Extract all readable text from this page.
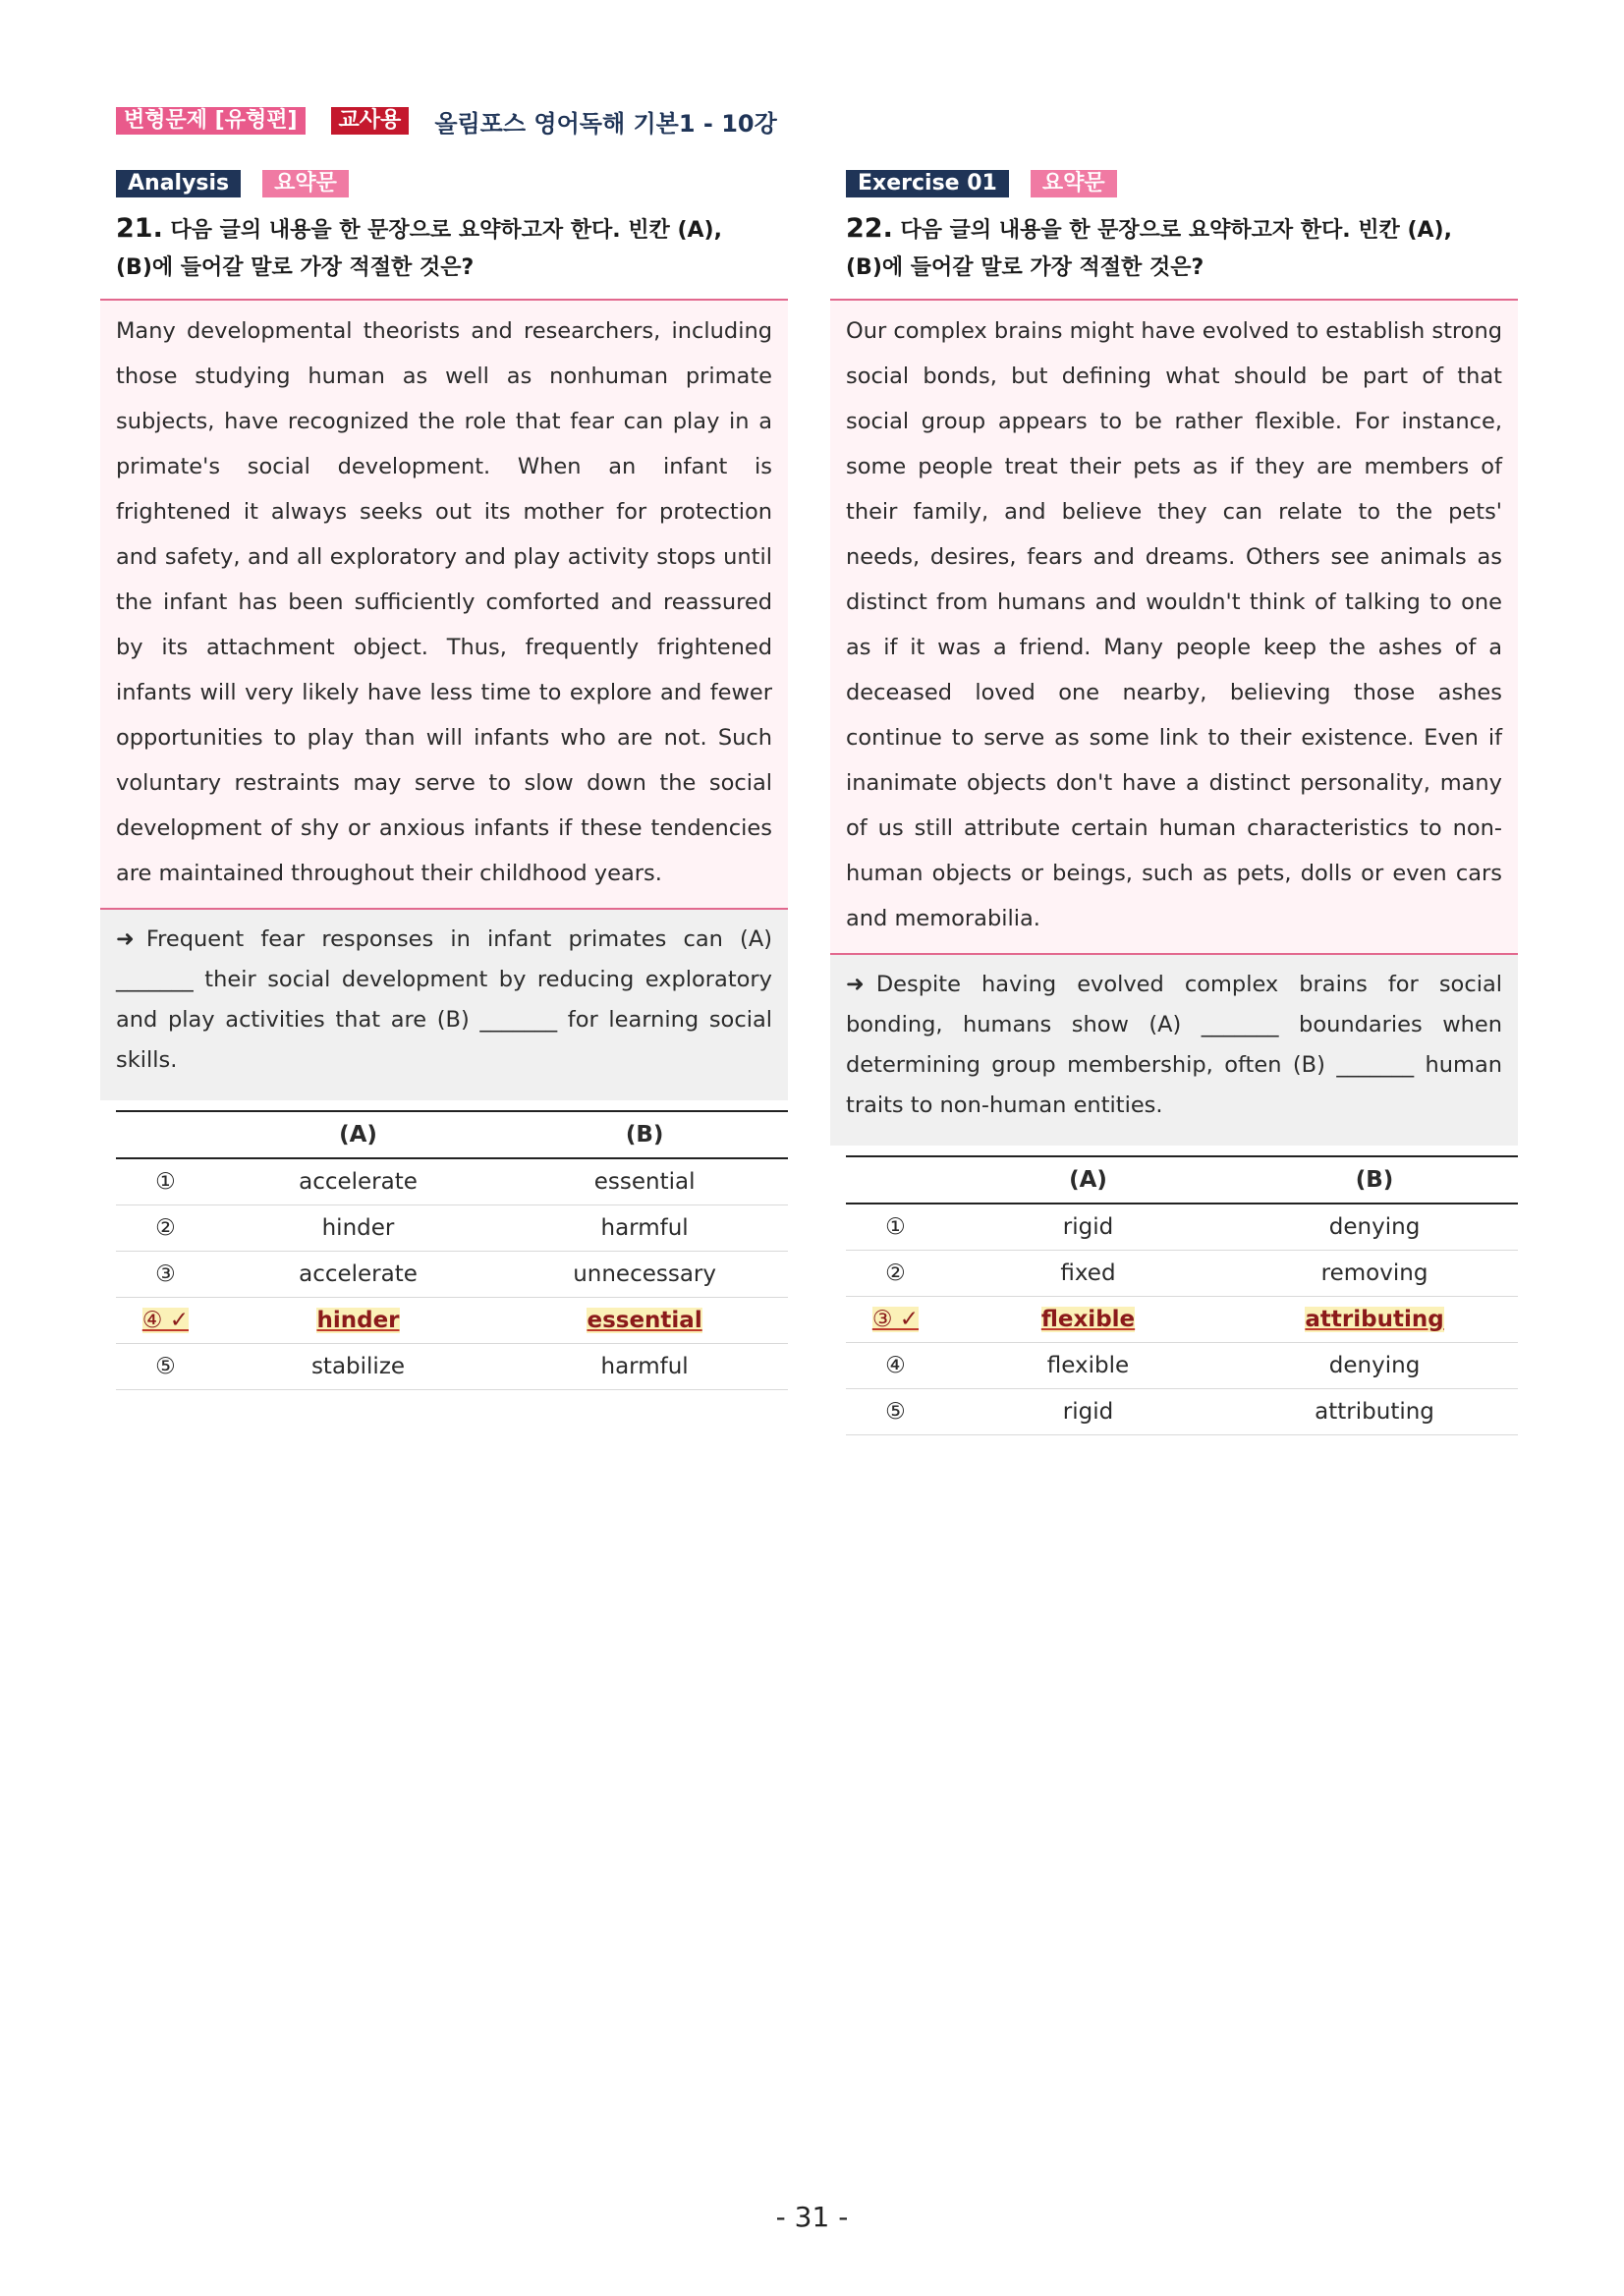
변형문제 [유형편]	교사용	올림포스 영어독해 기본1 - 10강
Analysis	요약문
21. 다음 글의 내용을 한 문장으로 요약하고자 한다. 빈칸 (A),
(B)에 들어갈 말로 가장 적절한 것은?
Many developmental theorists and researchers, including those studying human as well as nonhuman primate subjects, have recognized the role that fear can play in a primate's social development. When an infant is frightened it always seeks out its mother for protection and safety, and all exploratory and play activity stops until the infant has been sufficiently comforted and reassured by its attachment object. Thus, frequently frightened infants will very likely have less time to explore and fewer opportunities to play than will infants who are not. Such voluntary restraints may serve to slow down the social development of shy or anxious infants if these tendencies are maintained throughout their childhood years.
➜ Frequent fear responses in infant primates can (A) _______ their social development by reducing exploratory and play activities that are (B) _______ for learning social skills.
	(A)	(B)
①	accelerate	essential
②	hinder	harmful
③	accelerate	unnecessary
④ ✓	hinder	essential
⑤	stabilize	harmful
Exercise 01	요약문
22. 다음 글의 내용을 한 문장으로 요약하고자 한다. 빈칸 (A),
(B)에 들어갈 말로 가장 적절한 것은?
Our complex brains might have evolved to establish strong social bonds, but defining what should be part of that social group appears to be rather flexible. For instance, some people treat their pets as if they are members of their family, and believe they can relate to the pets' needs, desires, fears and dreams. Others see animals as distinct from humans and wouldn't think of talking to one as if it was a friend. Many people keep the ashes of a deceased loved one nearby, believing those ashes continue to serve as some link to their existence. Even if inanimate objects don't have a distinct personality, many of us still attribute certain human characteristics to non-human objects or beings, such as pets, dolls or even cars and memorabilia.
➜ Despite having evolved complex brains for social bonding, humans show (A) _______ boundaries when determining group membership, often (B) _______ human traits to non-human entities.
	(A)	(B)
①	rigid	denying
②	fixed	removing
③ ✓	flexible	attributing
④	flexible	denying
⑤	rigid	attributing
- 31 -
